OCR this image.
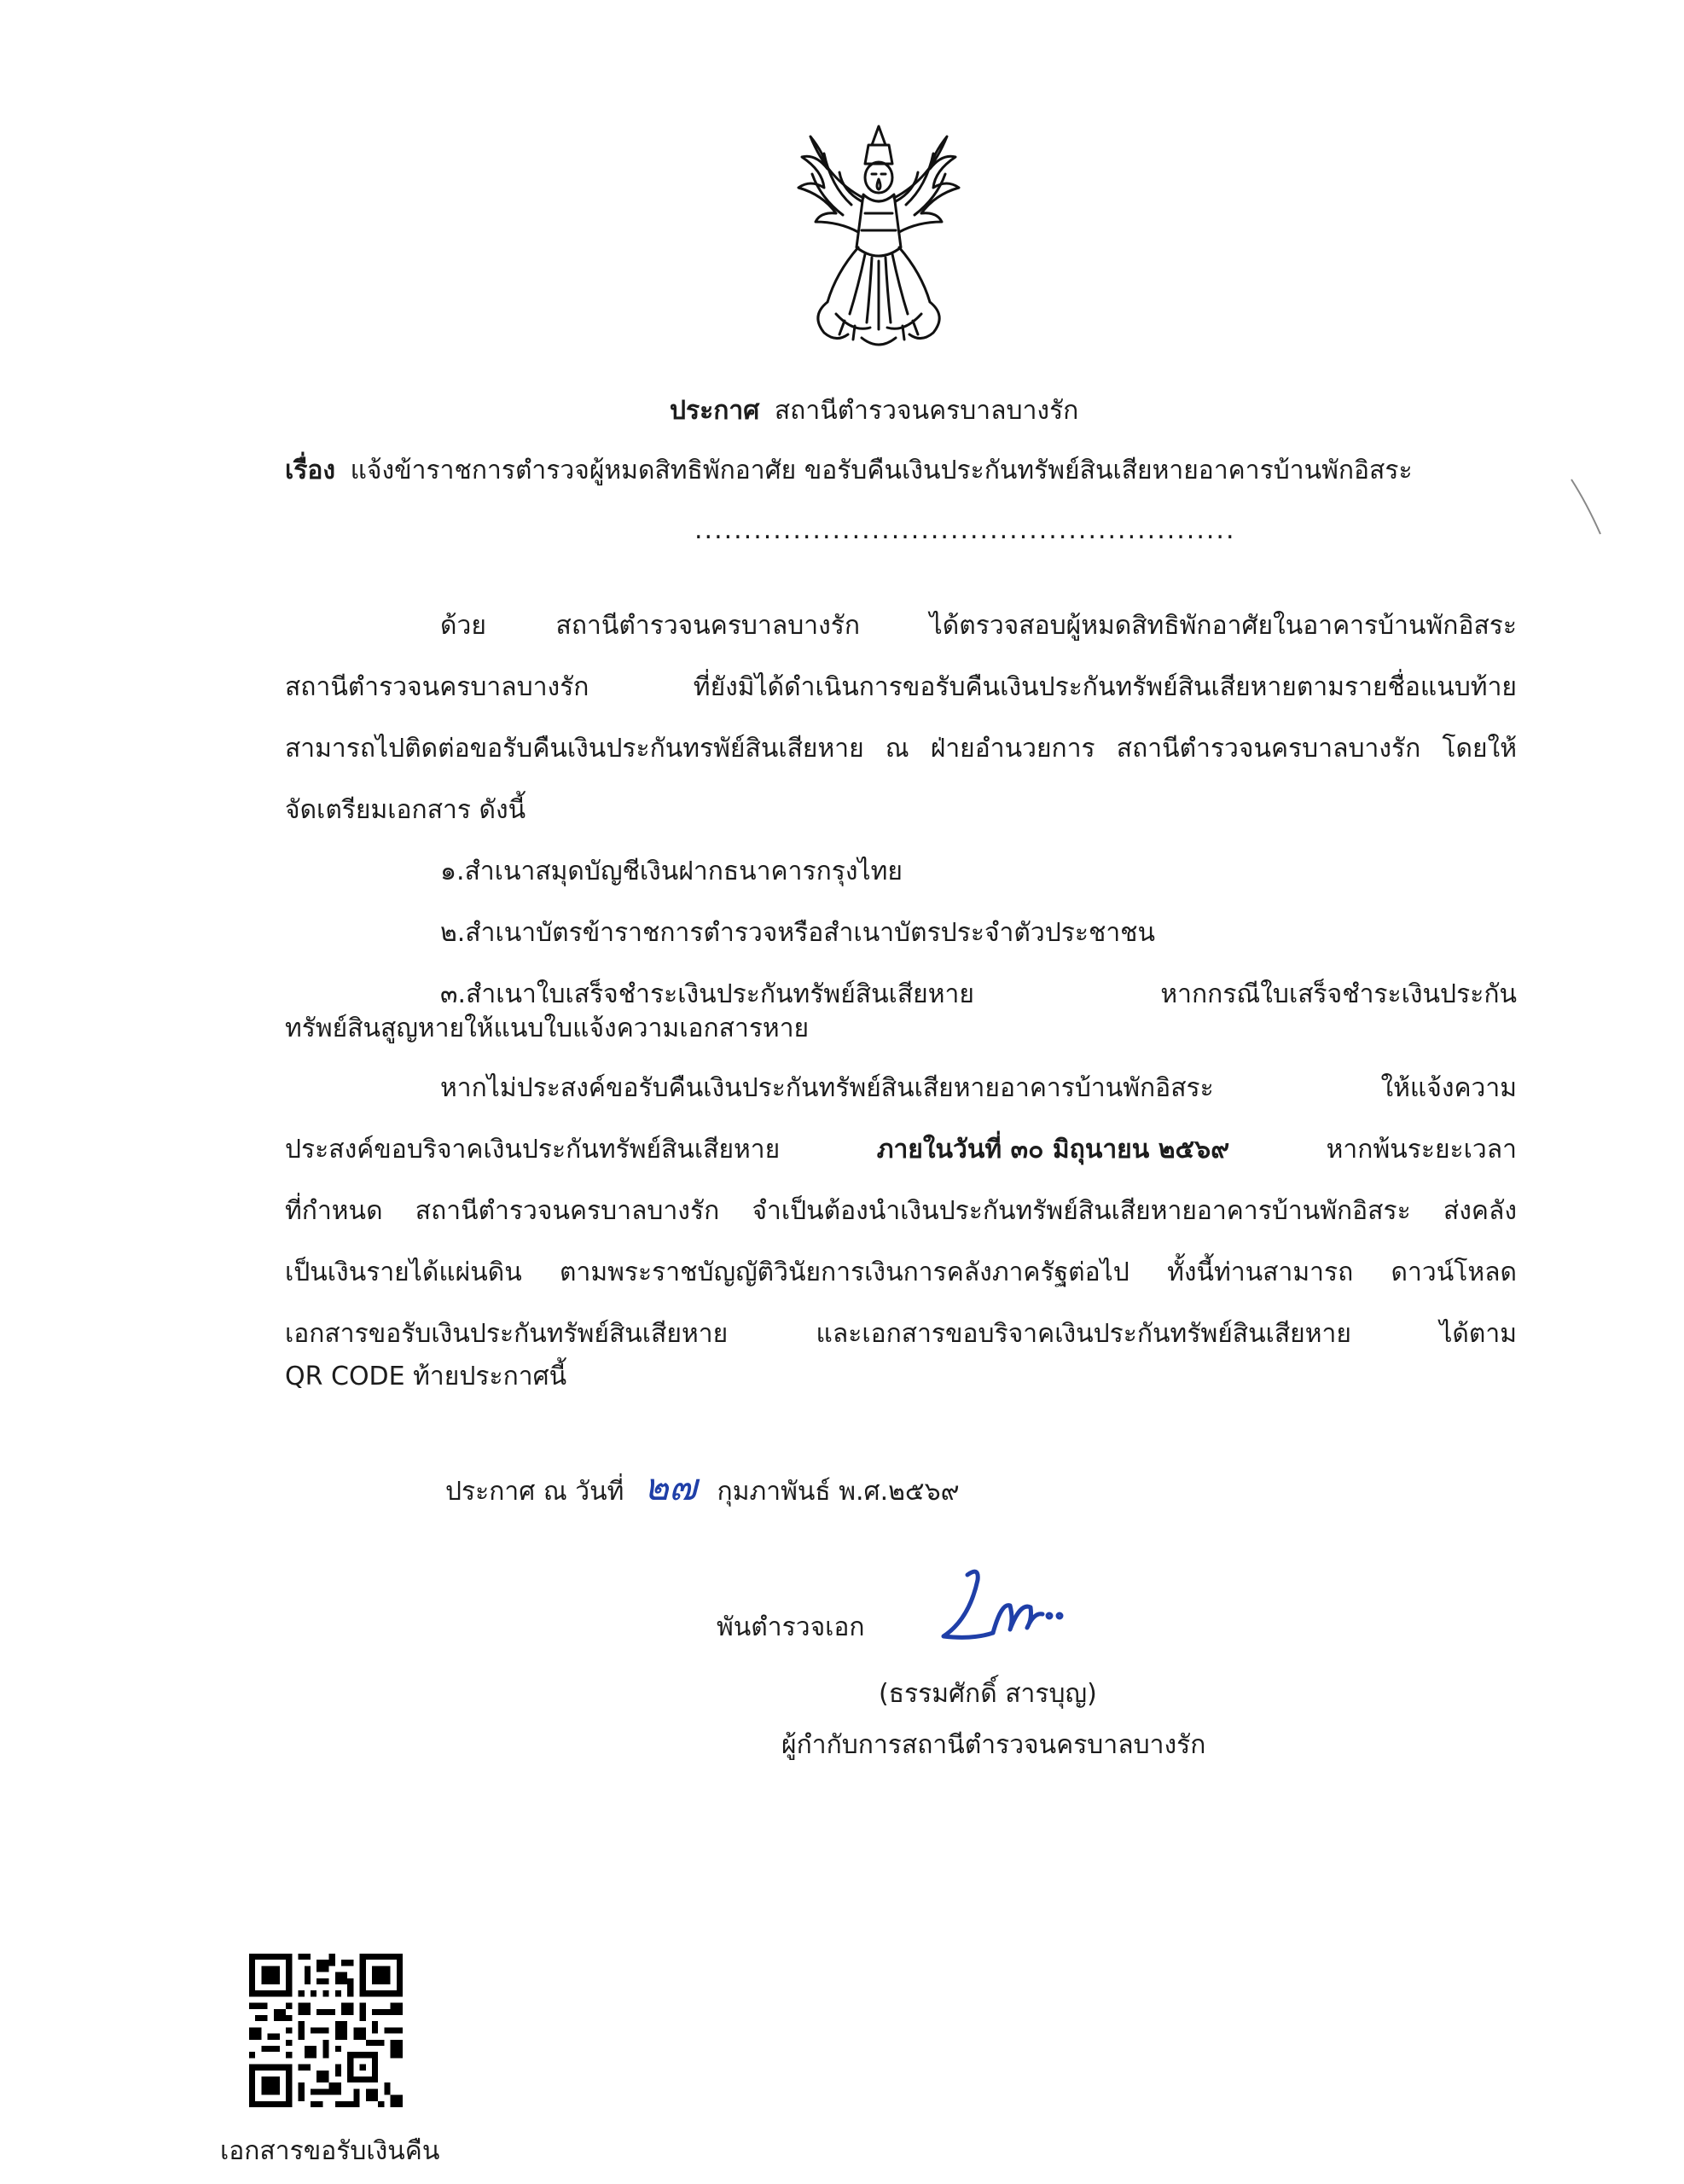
ประกาศ สถานีตำรวจนครบาลบางรัก
เรื่อง แจ้งข้าราชการตำรวจผู้หมดสิทธิพักอาศัย ขอรับคืนเงินประกันทรัพย์สินเสียหายอาคารบ้านพักอิสระ
.......................................................
ด้วย สถานีตำรวจนครบาลบางรัก ได้ตรวจสอบผู้หมดสิทธิพักอาศัยในอาคารบ้านพักอิสระ
สถานีตำรวจนครบาลบางรัก ที่ยังมิได้ดำเนินการขอรับคืนเงินประกันทรัพย์สินเสียหายตามรายชื่อแนบท้าย
สามารถไปติดต่อขอรับคืนเงินประกันทรพัย์สินเสียหาย ณ ฝ่ายอำนวยการ สถานีตำรวจนครบาลบางรัก โดยให้
จัดเตรียมเอกสาร ดังนี้
๑.สำเนาสมุดบัญชีเงินฝากธนาคารกรุงไทย
๒.สำเนาบัตรข้าราชการตำรวจหรือสำเนาบัตรประจำตัวประชาชน
๓.สำเนาใบเสร็จชำระเงินประกันทรัพย์สินเสียหาย หากกรณีใบเสร็จชำระเงินประกัน
ทรัพย์สินสูญหายให้แนบใบแจ้งความเอกสารหาย
หากไม่ประสงค์ขอรับคืนเงินประกันทรัพย์สินเสียหายอาคารบ้านพักอิสระ ให้แจ้งความ
ประสงค์ขอบริจาคเงินประกันทรัพย์สินเสียหาย	ภายในวันที่ ๓๐ มิถุนายน ๒๕๖๙	หากพ้นระยะเวลา
ที่กำหนด สถานีตำรวจนครบาลบางรัก จำเป็นต้องนำเงินประกันทรัพย์สินเสียหายอาคารบ้านพักอิสระ ส่งคลัง
เป็นเงินรายได้แผ่นดิน ตามพระราชบัญญัติวินัยการเงินการคลังภาครัฐต่อไป ทั้งนี้ท่านสามารถ ดาวน์โหลด
เอกสารขอรับเงินประกันทรัพย์สินเสียหาย และเอกสารขอบริจาคเงินประกันทรัพย์สินเสียหาย ได้ตาม
QR CODE ท้ายประกาศนี้
ประกาศ ณ วันที่ ๒๗ กุมภาพันธ์ พ.ศ.๒๕๖๙
พันตำรวจเอก
(ธรรมศักดิ์ สารบุญ)
ผู้กำกับการสถานีตำรวจนครบาลบางรัก
เอกสารขอรับเงินคืน
